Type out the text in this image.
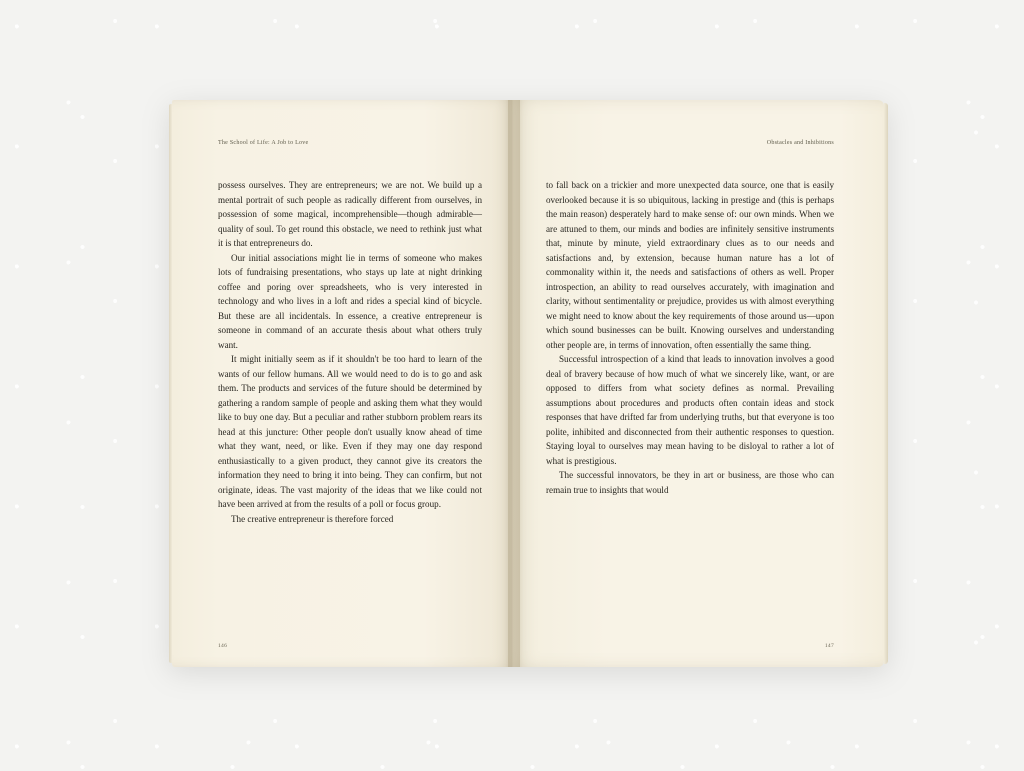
The School of Life: A Job to Love

possess ourselves. They are entrepreneurs; we are not. We build up a mental portrait of such people as radically different from ourselves, in possession of some magical, incomprehensible—though admirable—quality of soul. To get round this obstacle, we need to rethink just what it is that entrepreneurs do.

Our initial associations might lie in terms of someone who makes lots of fundraising presentations, who stays up late at night drinking coffee and poring over spreadsheets, who is very interested in technology and who lives in a loft and rides a special kind of bicycle. But these are all incidentals. In essence, a creative entrepreneur is someone in command of an accurate thesis about what others truly want.

It might initially seem as if it shouldn't be too hard to learn of the wants of our fellow humans. All we would need to do is to go and ask them. The products and services of the future should be determined by gathering a random sample of people and asking them what they would like to buy one day. But a peculiar and rather stubborn problem rears its head at this juncture: Other people don't usually know ahead of time what they want, need, or like. Even if they may one day respond enthusiastically to a given product, they cannot give its creators the information they need to bring it into being. They can confirm, but not originate, ideas. The vast majority of the ideas that we like could not have been arrived at from the results of a poll or focus group.

The creative entrepreneur is therefore forced

146
Obstacles and Inhibitions

to fall back on a trickier and more unexpected data source, one that is easily overlooked because it is so ubiquitous, lacking in prestige and (this is perhaps the main reason) desperately hard to make sense of: our own minds. When we are attuned to them, our minds and bodies are infinitely sensitive instruments that, minute by minute, yield extraordinary clues as to our needs and satisfactions and, by extension, because human nature has a lot of commonality within it, the needs and satisfactions of others as well. Proper introspection, an ability to read ourselves accurately, with imagination and clarity, without sentimentality or prejudice, provides us with almost everything we might need to know about the key requirements of those around us—upon which sound businesses can be built. Knowing ourselves and understanding other people are, in terms of innovation, often essentially the same thing.

Successful introspection of a kind that leads to innovation involves a good deal of bravery because of how much of what we sincerely like, want, or are opposed to differs from what society defines as normal. Prevailing assumptions about procedures and products often contain ideas and stock responses that have drifted far from underlying truths, but that everyone is too polite, inhibited and disconnected from their authentic responses to question. Staying loyal to ourselves may mean having to be disloyal to rather a lot of what is prestigious.

The successful innovators, be they in art or business, are those who can remain true to insights that would

147
